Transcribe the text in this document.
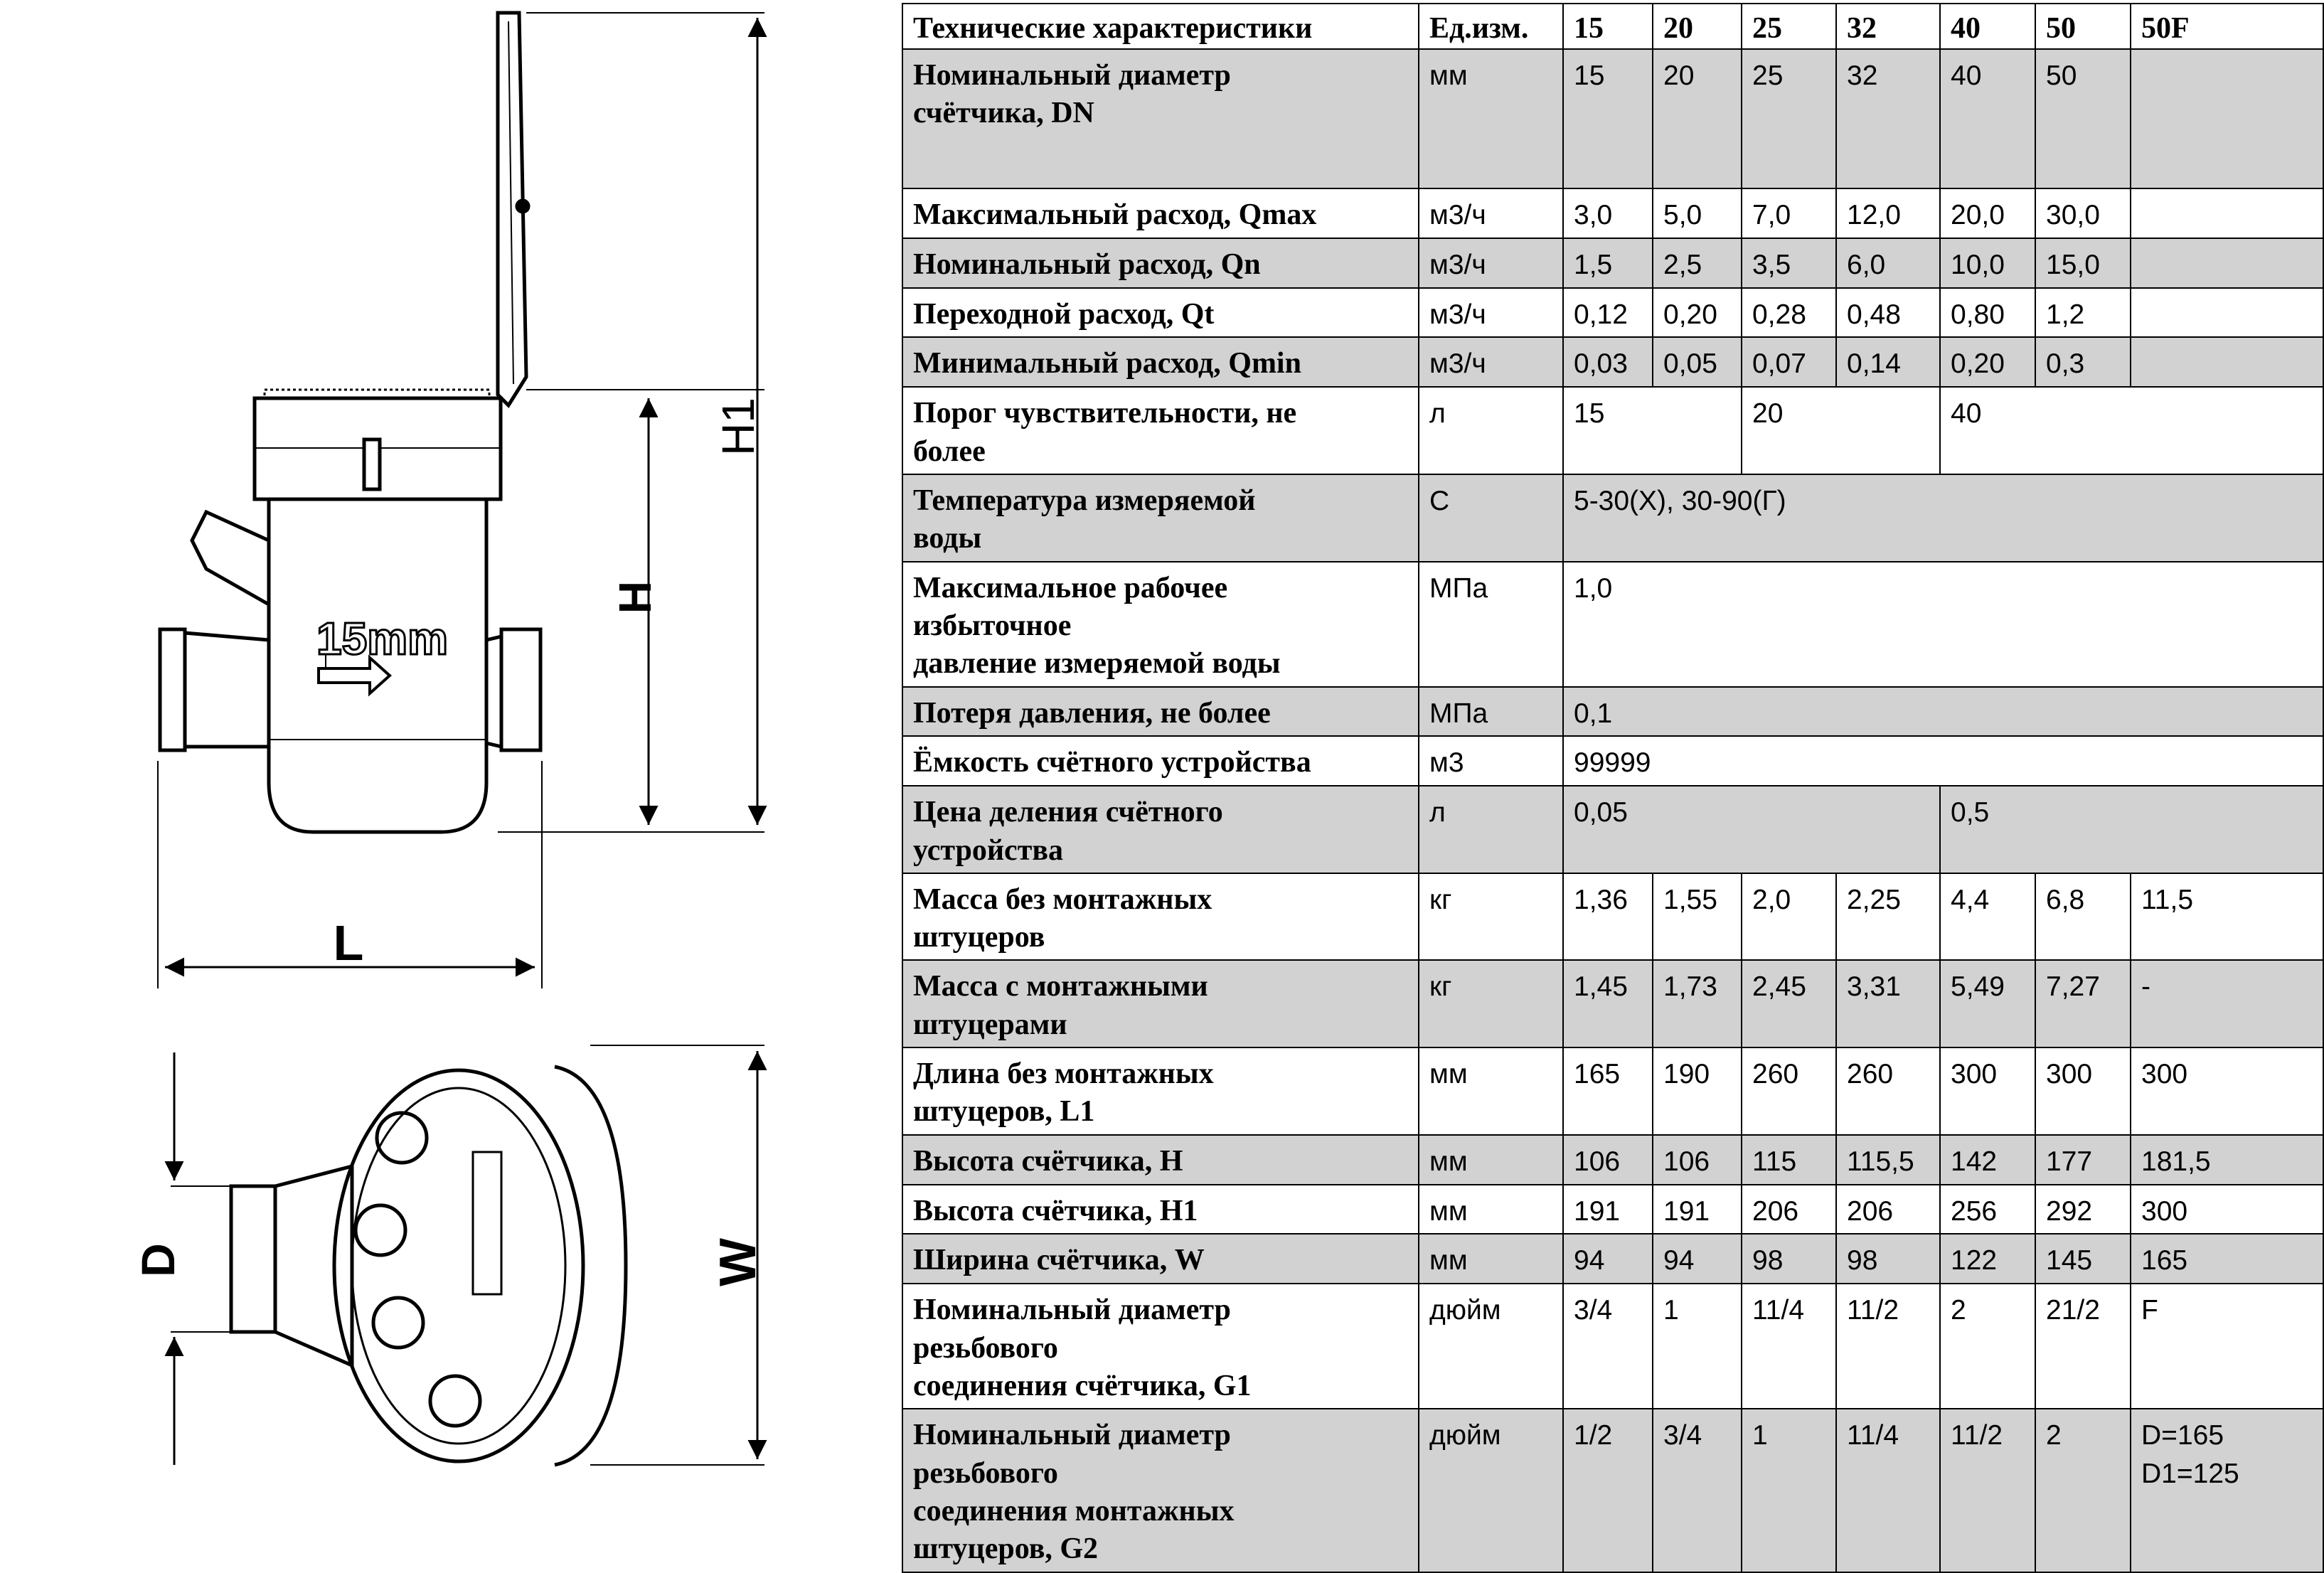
15mm
H1
H
L
D	W
Технические характеристики	Ед.изм.	15	20	25	32	40	50	50F
Номинальный диаметр
счётчика, DN	мм	15	20	25	32	40	50	
Максимальный расход, Qmax	м3/ч	3,0	5,0	7,0	12,0	20,0	30,0	
Номинальный расход, Qn	м3/ч	1,5	2,5	3,5	6,0	10,0	15,0	
Переходной расход, Qt	м3/ч	0,12	0,20	0,28	0,48	0,80	1,2	
Минимальный расход, Qmin	м3/ч	0,03	0,05	0,07	0,14	0,20	0,3	
Порог чувствительности, не
более	л	15		20		40		
Температура измеряемой
воды	С	5-30(Х), 30-90(Г)						
Максимальное рабочее
избыточное
давление измеряемой воды	МПа	1,0						
Потеря давления, не более	МПа	0,1						
Ёмкость счётного устройства	м3	99999						
Цена деления счётного
устройства	л	0,05				0,5		
Масса без монтажных
штуцеров	кг	1,36	1,55	2,0	2,25	4,4	6,8	11,5
Масса с монтажными
штуцерами	кг	1,45	1,73	2,45	3,31	5,49	7,27	-
Длина без монтажных
штуцеров, L1	мм	165	190	260	260	300	300	300
Высота счётчика, H	мм	106	106	115	115,5	142	177	181,5
Высота счётчика, H1	мм	191	191	206	206	256	292	300
Ширина счётчика, W	мм	94	94	98	98	122	145	165
Номинальный диаметр
резьбового
соединения счётчика, G1	дюйм	3/4	1	11/4	11/2	2	21/2	F
Номинальный диаметр
резьбового
соединения монтажных
штуцеров, G2	дюйм	1/2	3/4	1	11/4	11/2	2	D=165
D1=125
